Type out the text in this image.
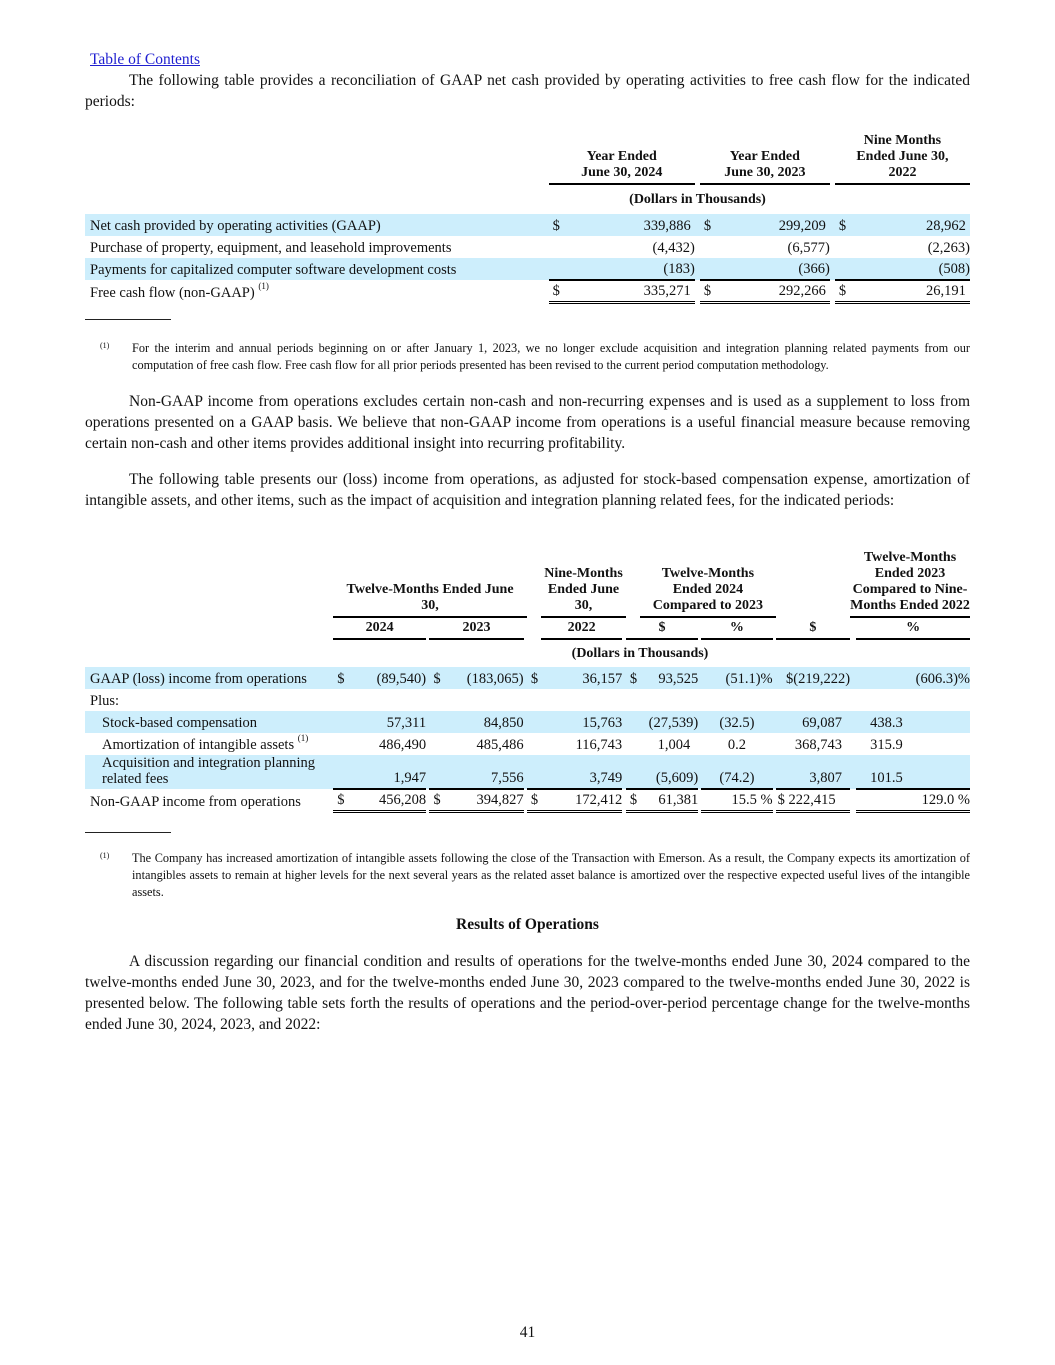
Table of Contents

The following table provides a reconciliation of GAAP net cash provided by operating activities to free cash flow for the indicated periods:

Year Ended
June 30, 2024

Year Ended
June 30, 2023

Nine Months
Ended June 30,
2022

(Dollars in Thousands)												
Net cash provided by operating activities (GAAP)		$	339,886			$	299,209			$	28,962	
Purchase of property, equipment, and leasehold improvements			(4,432)				(6,577)				(2,263)	
Payments for capitalized computer software development costs			(183)				(366)				(508)	
Free cash flow (non-GAAP) $^{(1)}$		$	335,271			$	292,266			$	26,191	
(1)	For the interim and annual periods beginning on or after January 1, 2023, we no longer exclude acquisition and integration planning related payments from our computation of free cash flow. Free cash flow for all prior periods presented has been revised to the current period computation methodology.

Non-GAAP income from operations excludes certain non-cash and non-recurring expenses and is used as a supplement to loss from operations presented on a GAAP basis. We believe that non-GAAP income from operations is a useful financial measure because removing certain non-cash and other items provides additional insight into recurring profitability.

The following table presents our (loss) income from operations, as adjusted for stock-based compensation expense, amortization of intangible assets, and other items, such as the impact of acquisition and integration planning related fees, for the indicated periods:

Twelve-Months Ended June
30,

Nine-Months
Ended June
30,

Twelve-Months
Ended 2024
Compared to 2023

Twelve-Months
Ended 2023
Compared to Nine-
Months Ended 2022

	2024			2023				2022		$			%		$		%
(Dollars in Thousands)																	
GAAP (loss) income from operations	$	(89,540)		$	(183,065)		$	36,157		$	93,525		(51.1)%		$(219,222)		(606.3)%
Plus:																	
Stock-based compensation		57,311			84,850			15,763			(27,539)		(32.5)		69,087		438.3
Amortization of intangible assets $^{(1)}$		486,490			485,486			116,743			1,004		0.2		368,743		315.9

Acquisition and integration planning
related fees		1,947			7,556			3,749			(5,609)		(74.2)		3,807		101.5
Non-GAAP income from operations	$	456,208		$	394,827		$	172,412		$	61,381		15.5 %		$ 222,415		129.0 %
(1)	The Company has increased amortization of intangible assets following the close of the Transaction with Emerson. As a result, the Company expects its amortization of intangibles assets to remain at higher levels for the next several years as the related asset balance is amortized over the respective expected useful lives of the intangible assets.
Results of Operations

A discussion regarding our financial condition and results of operations for the twelve-months ended June 30, 2024 compared to the twelve-months ended June 30, 2023, and for the twelve-months ended June 30, 2023 compared to the twelve-months ended June 30, 2022 is presented below. The following table sets forth the results of operations and the period-over-period percentage change for the twelve-months ended June 30, 2024, 2023, and 2022:

41
